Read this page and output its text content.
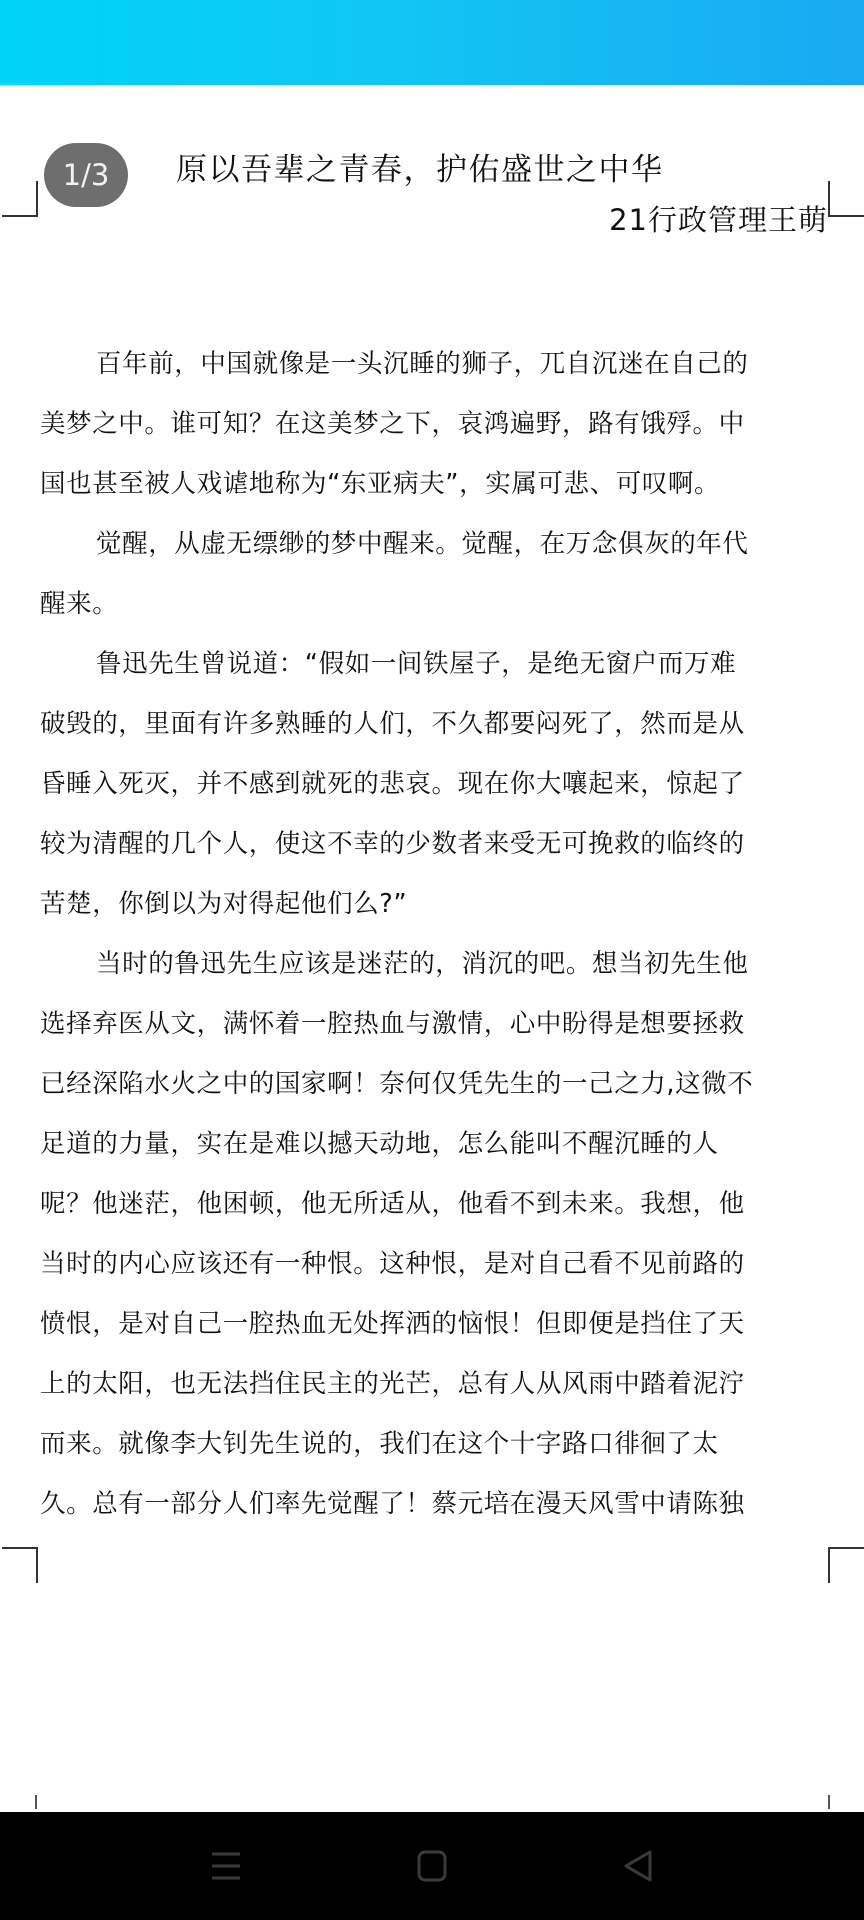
1/3	原以吾辈之青春，护佑盛世之中华
21行政管理王萌
百年前，中国就像是一头沉睡的狮子，兀自沉迷在自己的
美梦之中。谁可知？在这美梦之下，哀鸿遍野，路有饿殍。中
国也甚至被人戏谑地称为“东亚病夫”，实属可悲、可叹啊。
觉醒，从虚无缥缈的梦中醒来。觉醒，在万念俱灰的年代
醒来。
鲁迅先生曾说道：“假如一间铁屋子，是绝无窗户而万难
破毁的，里面有许多熟睡的人们，不久都要闷死了，然而是从
昏睡入死灭，并不感到就死的悲哀。现在你大嚷起来，惊起了
较为清醒的几个人，使这不幸的少数者来受无可挽救的临终的
苦楚，你倒以为对得起他们么?”
当时的鲁迅先生应该是迷茫的，消沉的吧。想当初先生他
选择弃医从文，满怀着一腔热血与激情，心中盼得是想要拯救
已经深陷水火之中的国家啊！奈何仅凭先生的一己之力,这微不
足道的力量，实在是难以撼天动地，怎么能叫不醒沉睡的人
呢？他迷茫，他困顿，他无所适从，他看不到未来。我想，他
当时的内心应该还有一种恨。这种恨，是对自己看不见前路的
愤恨，是对自己一腔热血无处挥洒的恼恨！但即便是挡住了天
上的太阳，也无法挡住民主的光芒，总有人从风雨中踏着泥泞
而来。就像李大钊先生说的，我们在这个十字路口徘徊了太
久。总有一部分人们率先觉醒了！蔡元培在漫天风雪中请陈独
